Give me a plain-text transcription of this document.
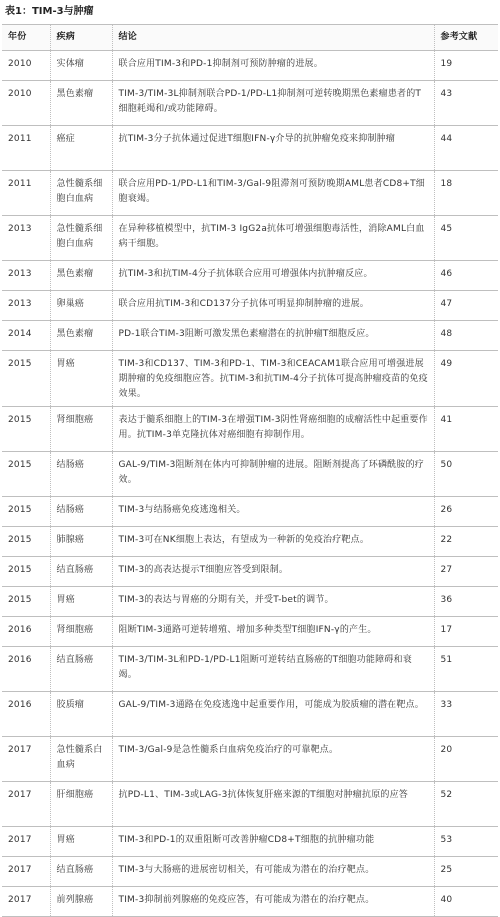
表1：TIM-3与肿瘤
年份	疾病	结论	参考文献
2010	实体瘤	联合应用TIM-3和PD-1抑制剂可预防肿瘤的进展。	19
2010	黑色素瘤	TIM-3/TIM-3L抑制剂联合PD-1/PD-L1抑制剂可逆转晚期黑色素瘤患者的T细胞耗竭和/或功能障碍。	43
2011	癌症	抗TIM-3分子抗体通过促进T细胞IFN-γ介导的抗肿瘤免疫来抑制肿瘤	44
2011	急性髓系细胞白血病	联合应用PD-1/PD-L1和TIM-3/Gal-9阻滞剂可预防晚期AML患者CD8+T细胞衰竭。	18
2013	急性髓系细胞白血病	在异种移植模型中，抗TIM-3 IgG2a抗体可增强细胞毒活性，消除AML白血病干细胞。	45
2013	黑色素瘤	抗TIM-3和抗TIM-4分子抗体联合应用可增强体内抗肿瘤反应。	46
2013	卵巢癌	联合应用抗TIM-3和CD137分子抗体可明显抑制肿瘤的进展。	47
2014	黑色素瘤	PD-1联合TIM-3阻断可激发黑色素瘤潜在的抗肿瘤T细胞反应。	48
2015	胃癌	TIM-3和CD137、TIM-3和PD-1、TIM-3和CEACAM1联合应用可增强进展期肿瘤的免疫细胞应答。抗TIM-3和抗TIM-4分子抗体可提高肿瘤疫苗的免疫效果。	49
2015	肾细胞癌	表达于髓系细胞上的TIM-3在增强TIM-3阴性肾癌细胞的成瘤活性中起重要作用。抗TIM-3单克隆抗体对癌细胞有抑制作用。	41
2015	结肠癌	GAL-9/TIM-3阻断剂在体内可抑制肿瘤的进展。阻断剂提高了环磷酰胺的疗效。	50
2015	结肠癌	TIM-3与结肠癌免疫逃逸相关。	26
2015	肺腺癌	TIM-3可在NK细胞上表达，有望成为一种新的免疫治疗靶点。	22
2015	结直肠癌	TIM-3的高表达提示T细胞应答受到限制。	27
2015	胃癌	TIM-3的表达与胃癌的分期有关，并受T-bet的调节。	36
2016	肾细胞癌	阻断TIM-3通路可逆转增殖、增加多种类型T细胞IFN-γ的产生。	17
2016	结直肠癌	TIM-3/TIM-3L和PD-1/PD-L1阻断可逆转结直肠癌的T细胞功能障碍和衰竭。	51
2016	胶质瘤	GAL-9/TIM-3通路在免疫逃逸中起重要作用，可能成为胶质瘤的潜在靶点。	33
2017	急性髓系白血病	TIM-3/Gal-9是急性髓系白血病免疫治疗的可靠靶点。	20
2017	肝细胞癌	抗PD-L1、TIM-3或LAG-3抗体恢复肝癌来源的T细胞对肿瘤抗原的应答	52
2017	胃癌	TIM-3和PD-1的双重阻断可改善肿瘤CD8+T细胞的抗肿瘤功能	53
2017	结直肠癌	TIM-3与大肠癌的进展密切相关，有可能成为潜在的治疗靶点。	25
2017	前列腺癌	TIM-3抑制前列腺癌的免疫应答，有可能成为潜在的治疗靶点。	40
